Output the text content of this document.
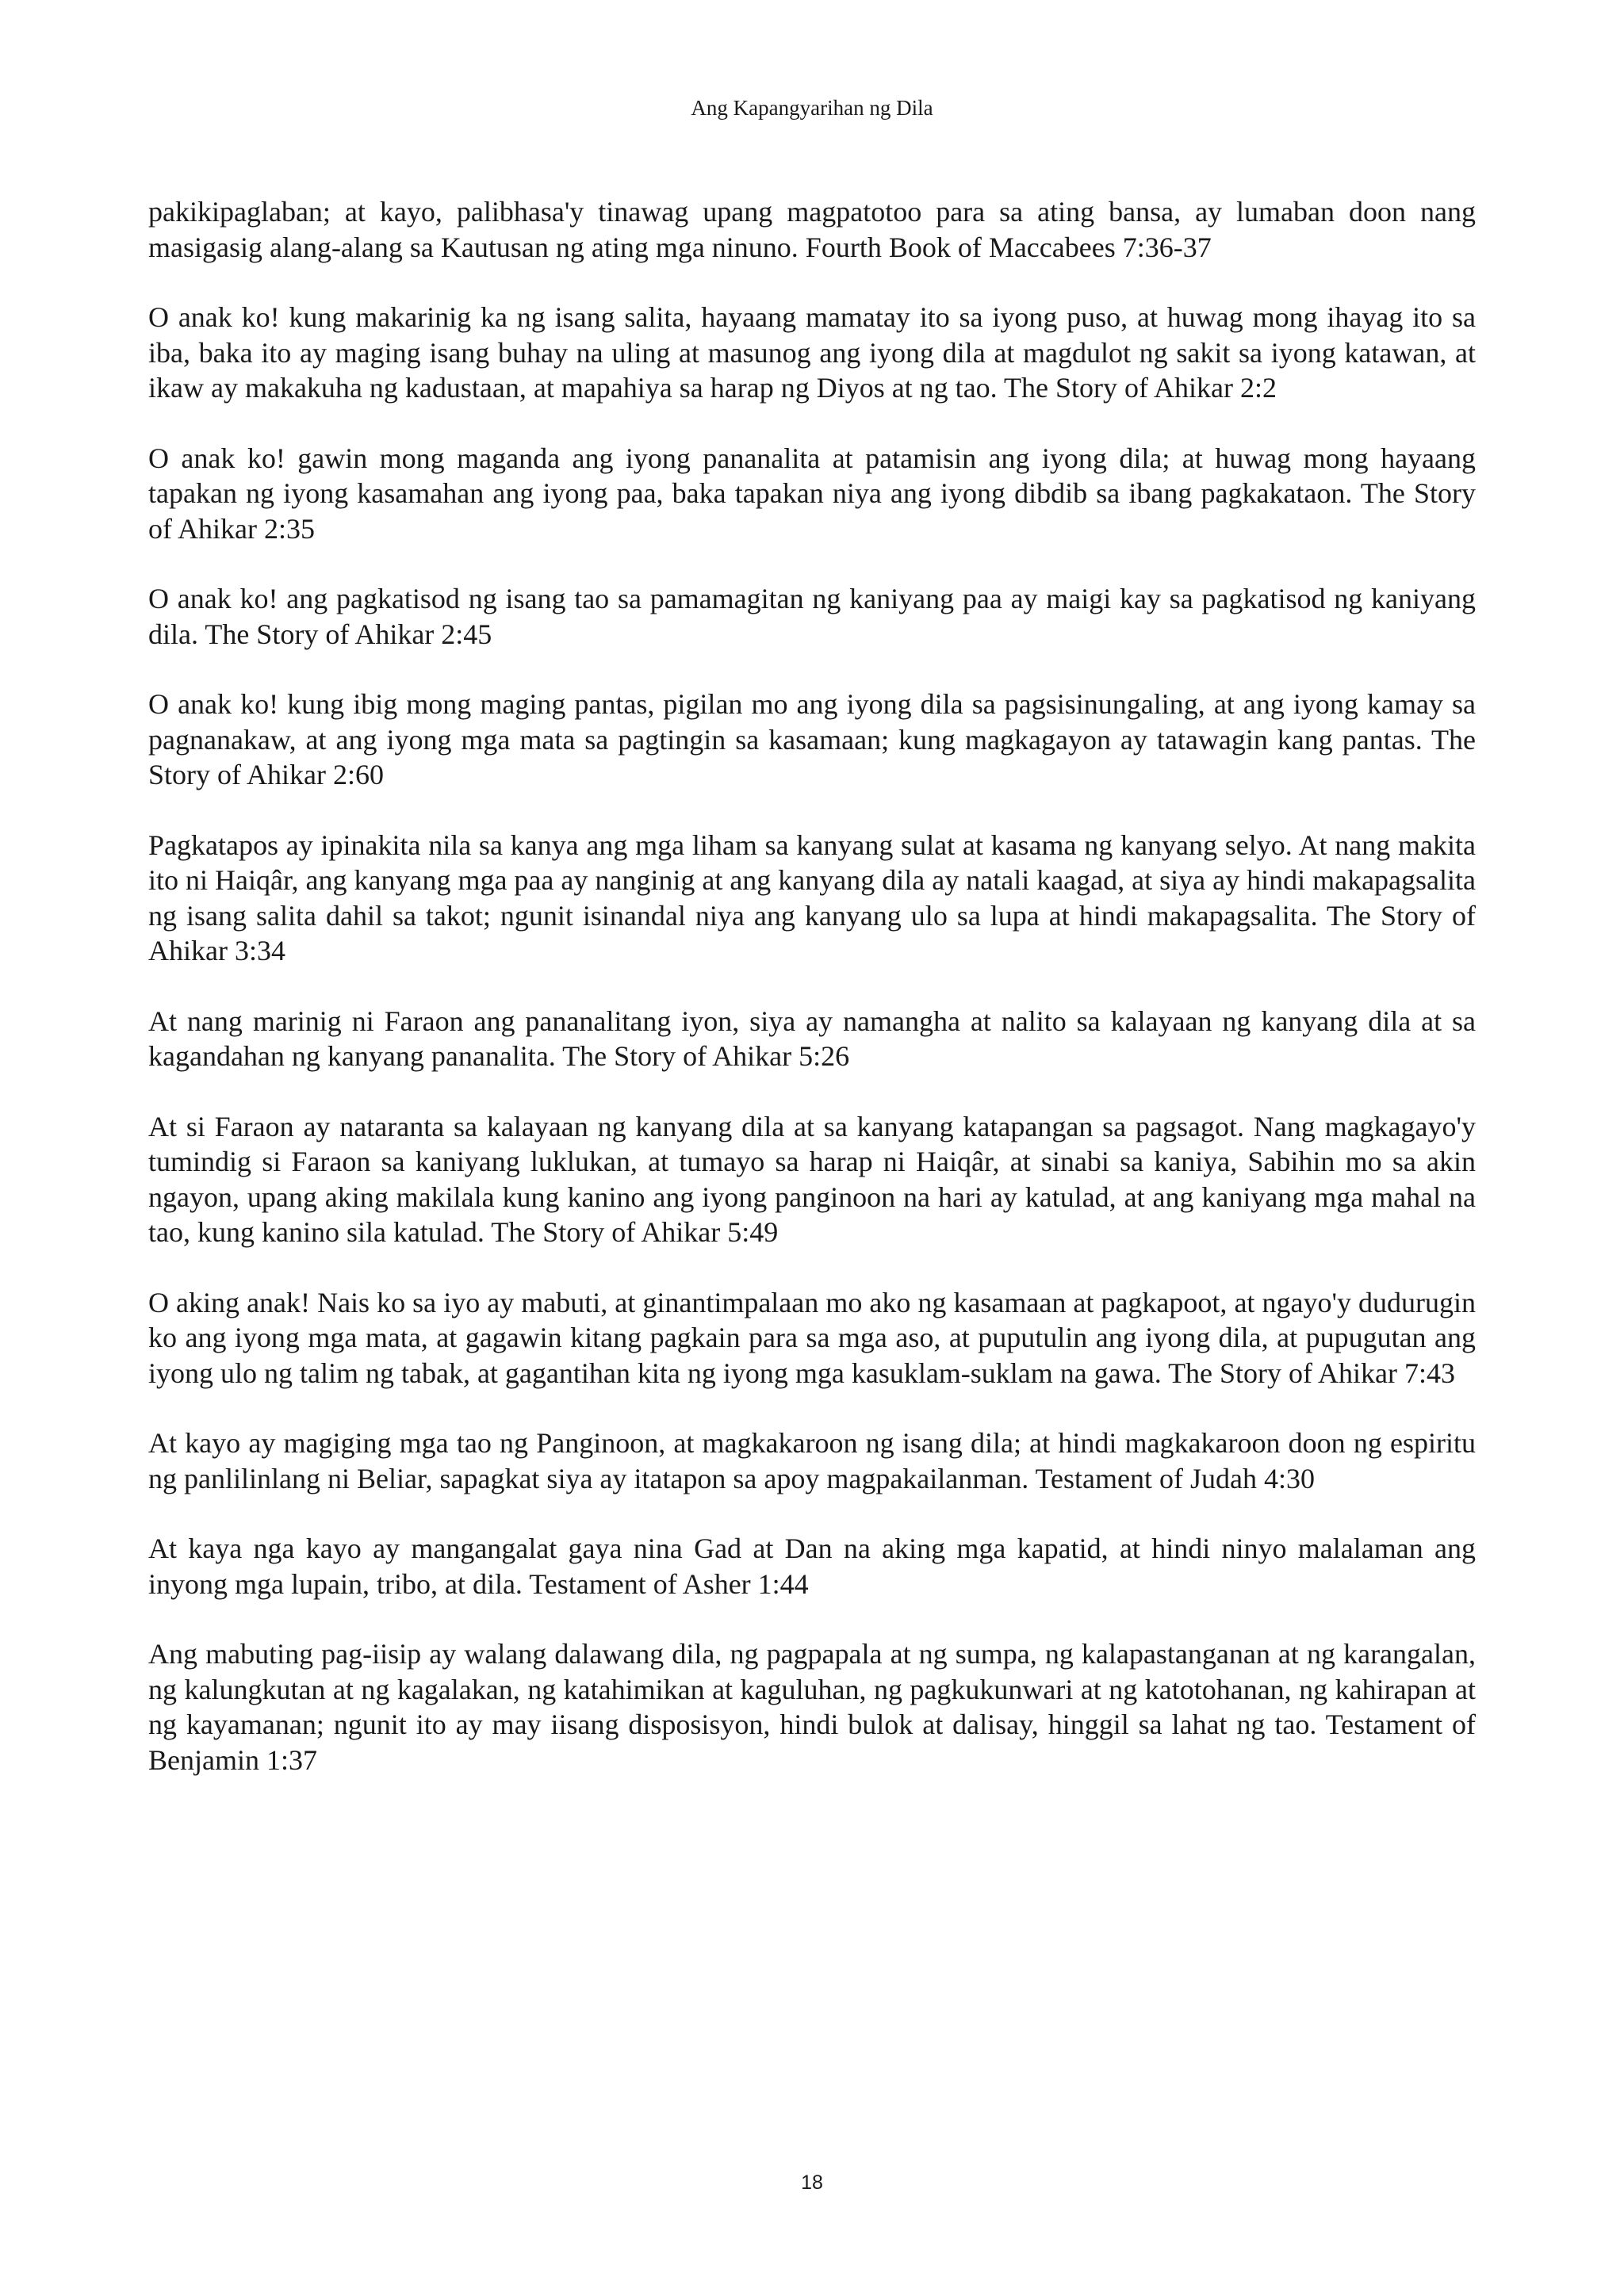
Ang Kapangyarihan ng Dila

pakikipaglaban; at kayo, palibhasa'y tinawag upang magpatotoo para sa ating bansa, ay lumaban doon nang masigasig alang-alang sa Kautusan ng ating mga ninuno. Fourth Book of Maccabees 7:36-37

O anak ko! kung makarinig ka ng isang salita, hayaang mamatay ito sa iyong puso, at huwag mong ihayag ito sa iba, baka ito ay maging isang buhay na uling at masunog ang iyong dila at magdulot ng sakit sa iyong katawan, at ikaw ay makakuha ng kadustaan, at mapahiya sa harap ng Diyos at ng tao. The Story of Ahikar 2:2

O anak ko! gawin mong maganda ang iyong pananalita at patamisin ang iyong dila; at huwag mong hayaang tapakan ng iyong kasamahan ang iyong paa, baka tapakan niya ang iyong dibdib sa ibang pagkakataon. The Story of Ahikar 2:35

O anak ko! ang pagkatisod ng isang tao sa pamamagitan ng kaniyang paa ay maigi kay sa pagkatisod ng kaniyang dila. The Story of Ahikar 2:45

O anak ko! kung ibig mong maging pantas, pigilan mo ang iyong dila sa pagsisinungaling, at ang iyong kamay sa pagnanakaw, at ang iyong mga mata sa pagtingin sa kasamaan; kung magkagayon ay tatawagin kang pantas. The Story of Ahikar 2:60

Pagkatapos ay ipinakita nila sa kanya ang mga liham sa kanyang sulat at kasama ng kanyang selyo. At nang makita ito ni Haiqâr, ang kanyang mga paa ay nanginig at ang kanyang dila ay natali kaagad, at siya ay hindi makapagsalita ng isang salita dahil sa takot; ngunit isinandal niya ang kanyang ulo sa lupa at hindi makapagsalita. The Story of Ahikar 3:34

At nang marinig ni Faraon ang pananalitang iyon, siya ay namangha at nalito sa kalayaan ng kanyang dila at sa kagandahan ng kanyang pananalita. The Story of Ahikar 5:26

At si Faraon ay nataranta sa kalayaan ng kanyang dila at sa kanyang katapangan sa pagsagot. Nang magkagayo'y tumindig si Faraon sa kaniyang luklukan, at tumayo sa harap ni Haiqâr, at sinabi sa kaniya, Sabihin mo sa akin ngayon, upang aking makilala kung kanino ang iyong panginoon na hari ay katulad, at ang kaniyang mga mahal na tao, kung kanino sila katulad. The Story of Ahikar 5:49

O aking anak! Nais ko sa iyo ay mabuti, at ginantimpalaan mo ako ng kasamaan at pagkapoot, at ngayo'y dudurugin ko ang iyong mga mata, at gagawin kitang pagkain para sa mga aso, at puputulin ang iyong dila, at pupugutan ang iyong ulo ng talim ng tabak, at gagantihan kita ng iyong mga kasuklam-suklam na gawa. The Story of Ahikar 7:43

At kayo ay magiging mga tao ng Panginoon, at magkakaroon ng isang dila; at hindi magkakaroon doon ng espiritu ng panlilinlang ni Beliar, sapagkat siya ay itatapon sa apoy magpakailanman. Testament of Judah 4:30

At kaya nga kayo ay mangangalat gaya nina Gad at Dan na aking mga kapatid, at hindi ninyo malalaman ang inyong mga lupain, tribo, at dila. Testament of Asher 1:44

Ang mabuting pag-iisip ay walang dalawang dila, ng pagpapala at ng sumpa, ng kalapastanganan at ng karangalan, ng kalungkutan at ng kagalakan, ng katahimikan at kaguluhan, ng pagkukunwari at ng katotohanan, ng kahirapan at ng kayamanan; ngunit ito ay may iisang disposisyon, hindi bulok at dalisay, hinggil sa lahat ng tao. Testament of Benjamin 1:37

18
